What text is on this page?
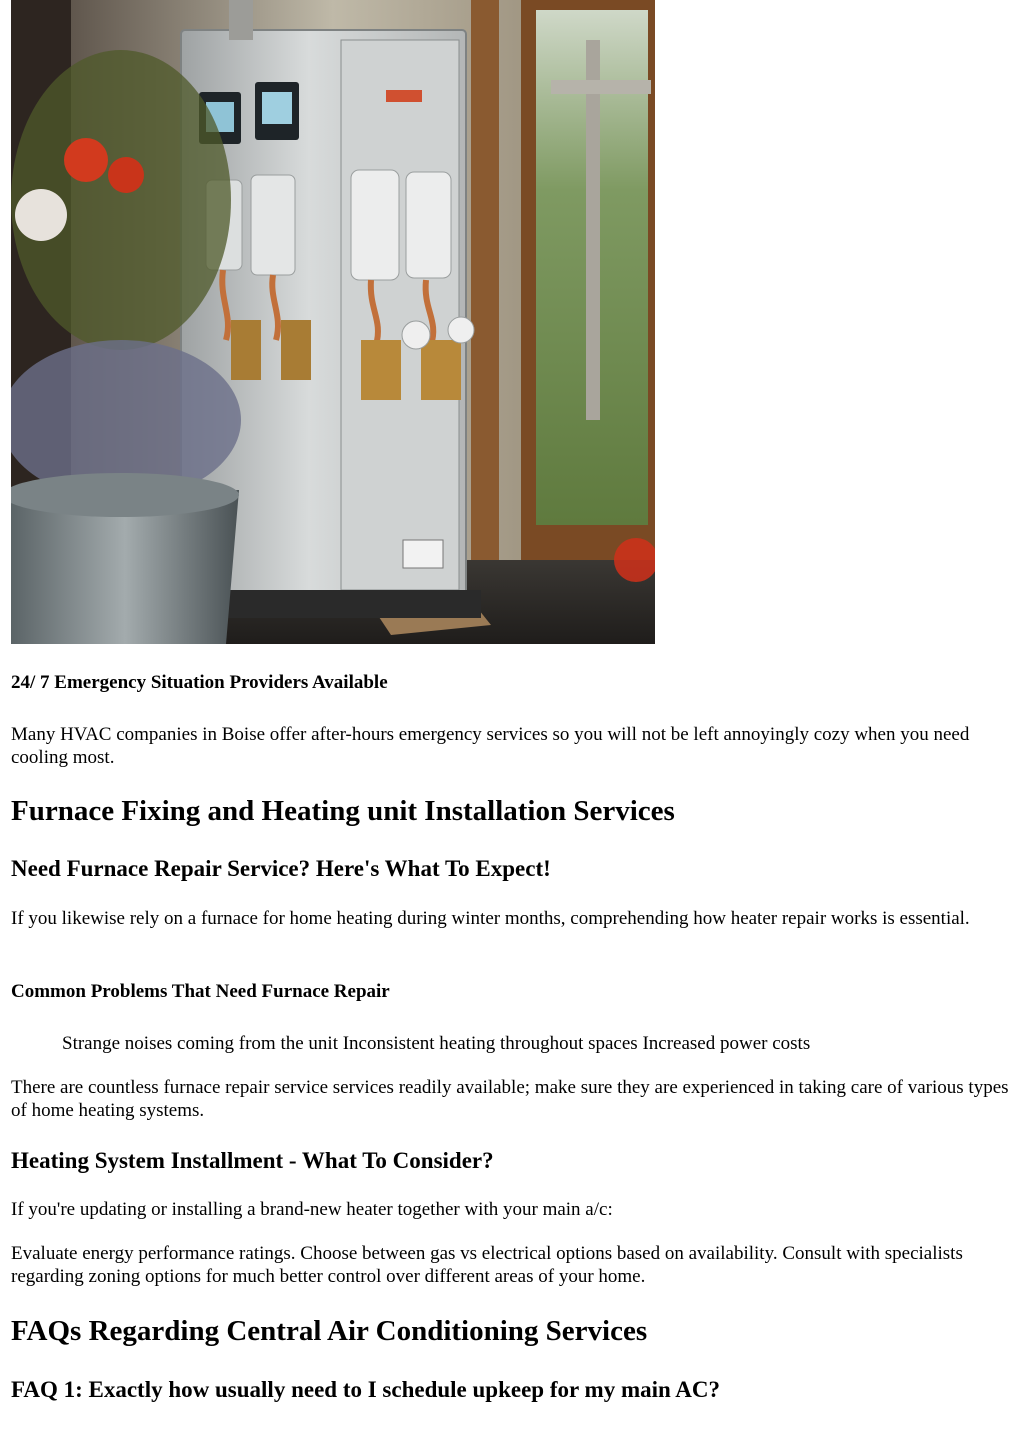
24/ 7 Emergency Situation Providers Available

Many HVAC companies in Boise offer after-hours emergency services so you will not be left annoyingly cozy when you need cooling most.

Furnace Fixing and Heating unit Installation Services
Need Furnace Repair Service? Here's What To Expect!

If you likewise rely on a furnace for home heating during winter months, comprehending how heater repair works is essential.

Common Problems That Need Furnace Repair

Strange noises coming from the unit Inconsistent heating throughout spaces Increased power costs

There are countless furnace repair service services readily available; make sure they are experienced in taking care of various types of home heating systems.

Heating System Installment - What To Consider?

If you're updating or installing a brand-new heater together with your main a/c:

Evaluate energy performance ratings. Choose between gas vs electrical options based on availability. Consult with specialists regarding zoning options for much better control over different areas of your home.

FAQs Regarding Central Air Conditioning Services
FAQ 1: Exactly how usually need to I schedule upkeep for my main AC?
